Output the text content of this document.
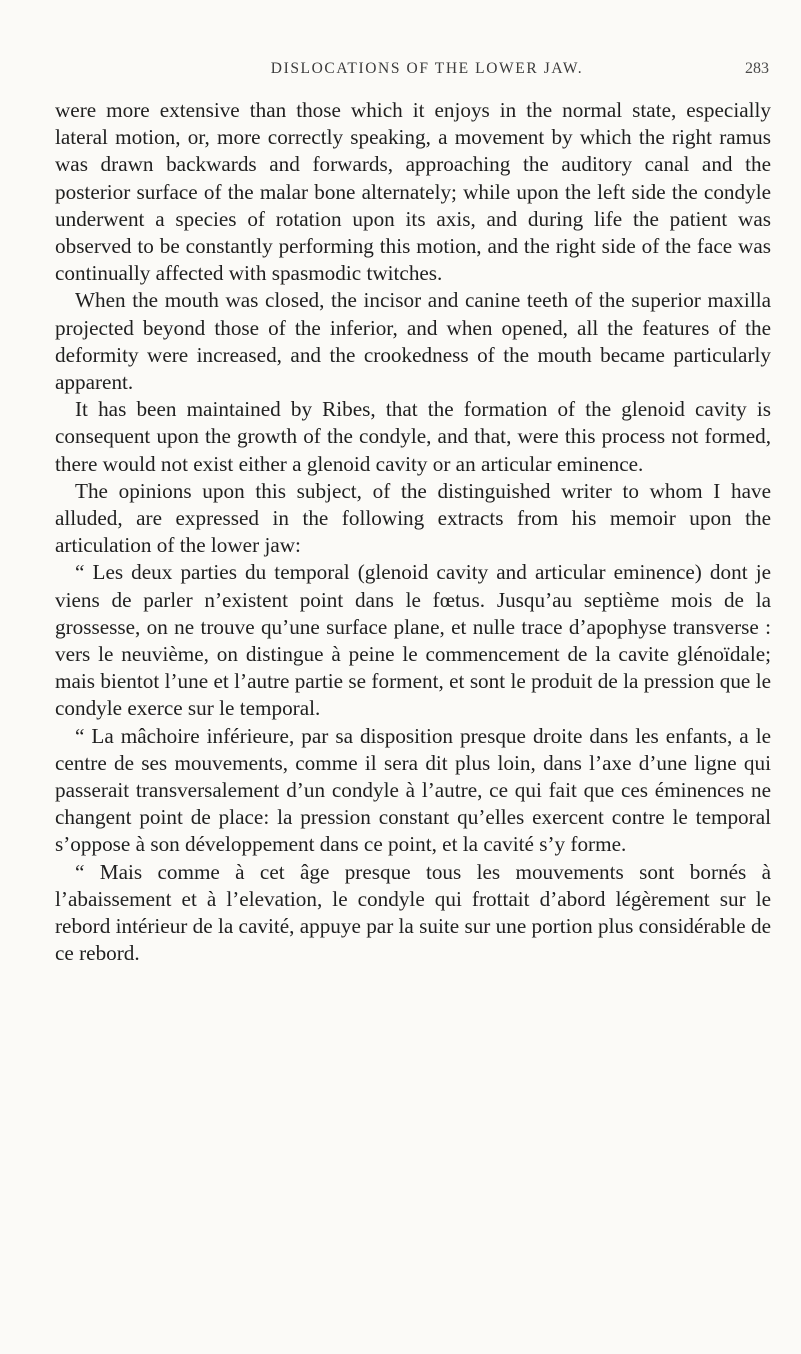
DISLOCATIONS OF THE LOWER JAW.	283

were more extensive than those which it enjoys in the normal state, especially lateral motion, or, more correctly speaking, a movement by which the right ramus was drawn backwards and forwards, approaching the auditory canal and the posterior surface of the malar bone alternately; while upon the left side the condyle underwent a species of rotation upon its axis, and during life the patient was observed to be constantly performing this motion, and the right side of the face was continually affected with spasmodic twitches.

When the mouth was closed, the incisor and canine teeth of the superior maxilla projected beyond those of the inferior, and when opened, all the features of the deformity were increased, and the crookedness of the mouth became particularly apparent.

It has been maintained by Ribes, that the formation of the glenoid cavity is consequent upon the growth of the condyle, and that, were this process not formed, there would not exist either a glenoid cavity or an articular eminence.

The opinions upon this subject, of the distinguished writer to whom I have alluded, are expressed in the following extracts from his memoir upon the articulation of the lower jaw:

“ Les deux parties du temporal (glenoid cavity and articular eminence) dont je viens de parler n’existent point dans le fœtus. Jusqu’au septième mois de la grossesse, on ne trouve qu’une surface plane, et nulle trace d’apophyse transverse : vers le neuvième, on distingue à peine le commencement de la cavite glénoïdale; mais bientot l’une et l’autre partie se forment, et sont le produit de la pression que le condyle exerce sur le temporal.

“ La mâchoire inférieure, par sa disposition presque droite dans les enfants, a le centre de ses mouvements, comme il sera dit plus loin, dans l’axe d’une ligne qui passerait transversalement d’un condyle à l’autre, ce qui fait que ces éminences ne changent point de place: la pression constant qu’elles exercent contre le temporal s’oppose à son développement dans ce point, et la cavité s’y forme.

“ Mais comme à cet âge presque tous les mouvements sont bornés à l’abaissement et à l’elevation, le condyle qui frottait d’abord légèrement sur le rebord intérieur de la cavité, appuye par la suite sur une portion plus considérable de ce rebord.
